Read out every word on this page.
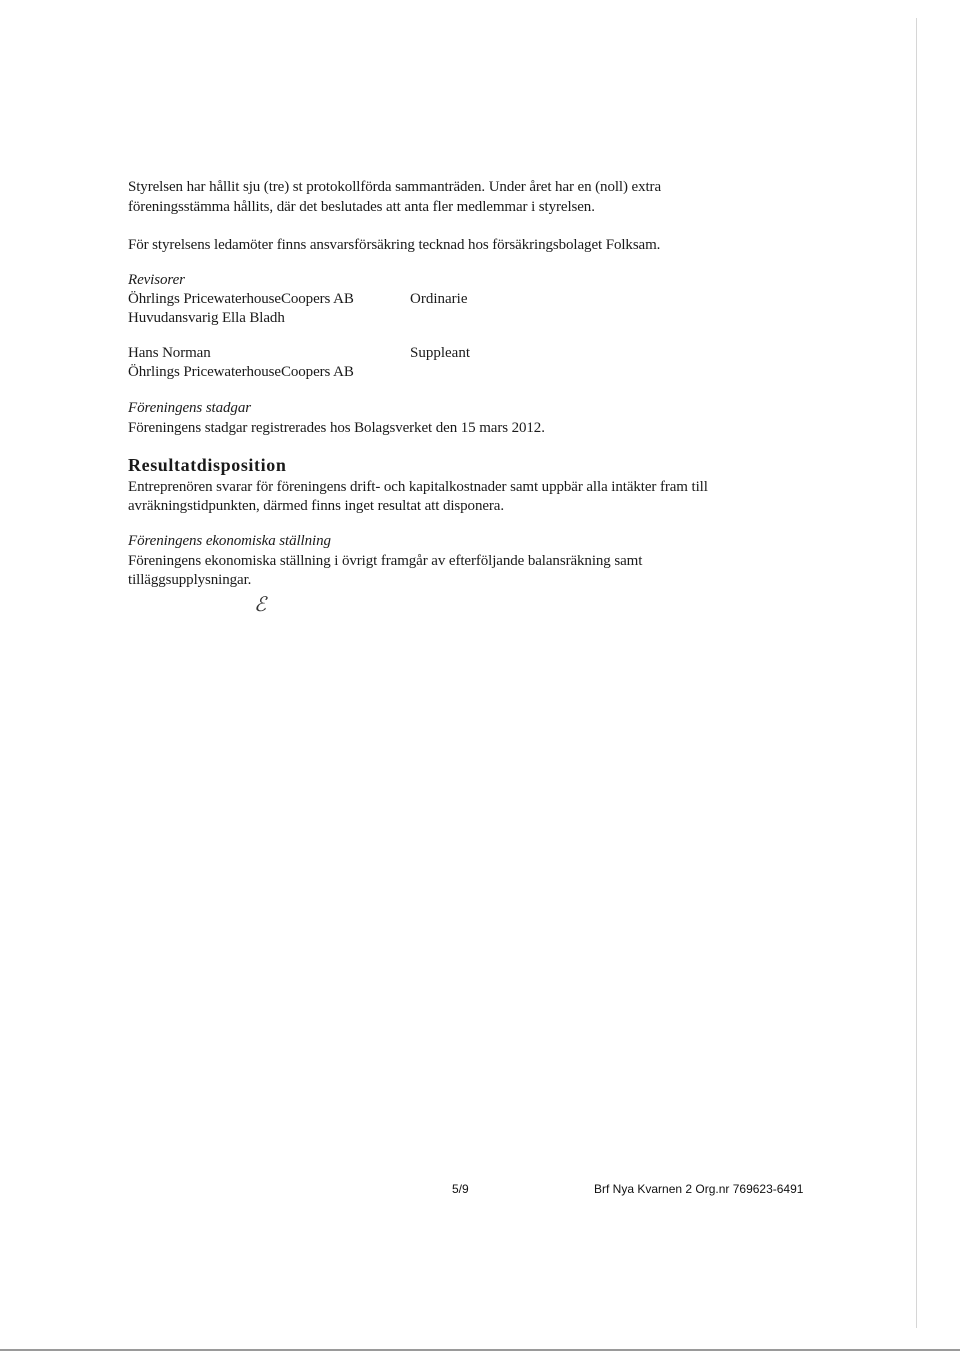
Styrelsen har hållit sju (tre) st protokollförda sammanträden. Under året har en (noll) extra
föreningsstämma hållits, där det beslutades att anta fler medlemmar i styrelsen.
För styrelsens ledamöter finns ansvarsförsäkring tecknad hos försäkringsbolaget Folksam.
Revisorer
Öhrlings PricewaterhouseCoopers AB	Ordinarie
Huvudansvarig Ella Bladh
Hans Norman	Suppleant
Öhrlings PricewaterhouseCoopers AB
Föreningens stadgar
Föreningens stadgar registrerades hos Bolagsverket den 15 mars 2012.
Resultatdisposition
Entreprenören svarar för föreningens drift- och kapitalkostnader samt uppbär alla intäkter fram till
avräkningstidpunkten, därmed finns inget resultat att disponera.
Föreningens ekonomiska ställning
Föreningens ekonomiska ställning i övrigt framgår av efterföljande balansräkning samt
tilläggsupplysningar.
ℰ
5/9	Brf Nya Kvarnen 2 Org.nr 769623-6491
